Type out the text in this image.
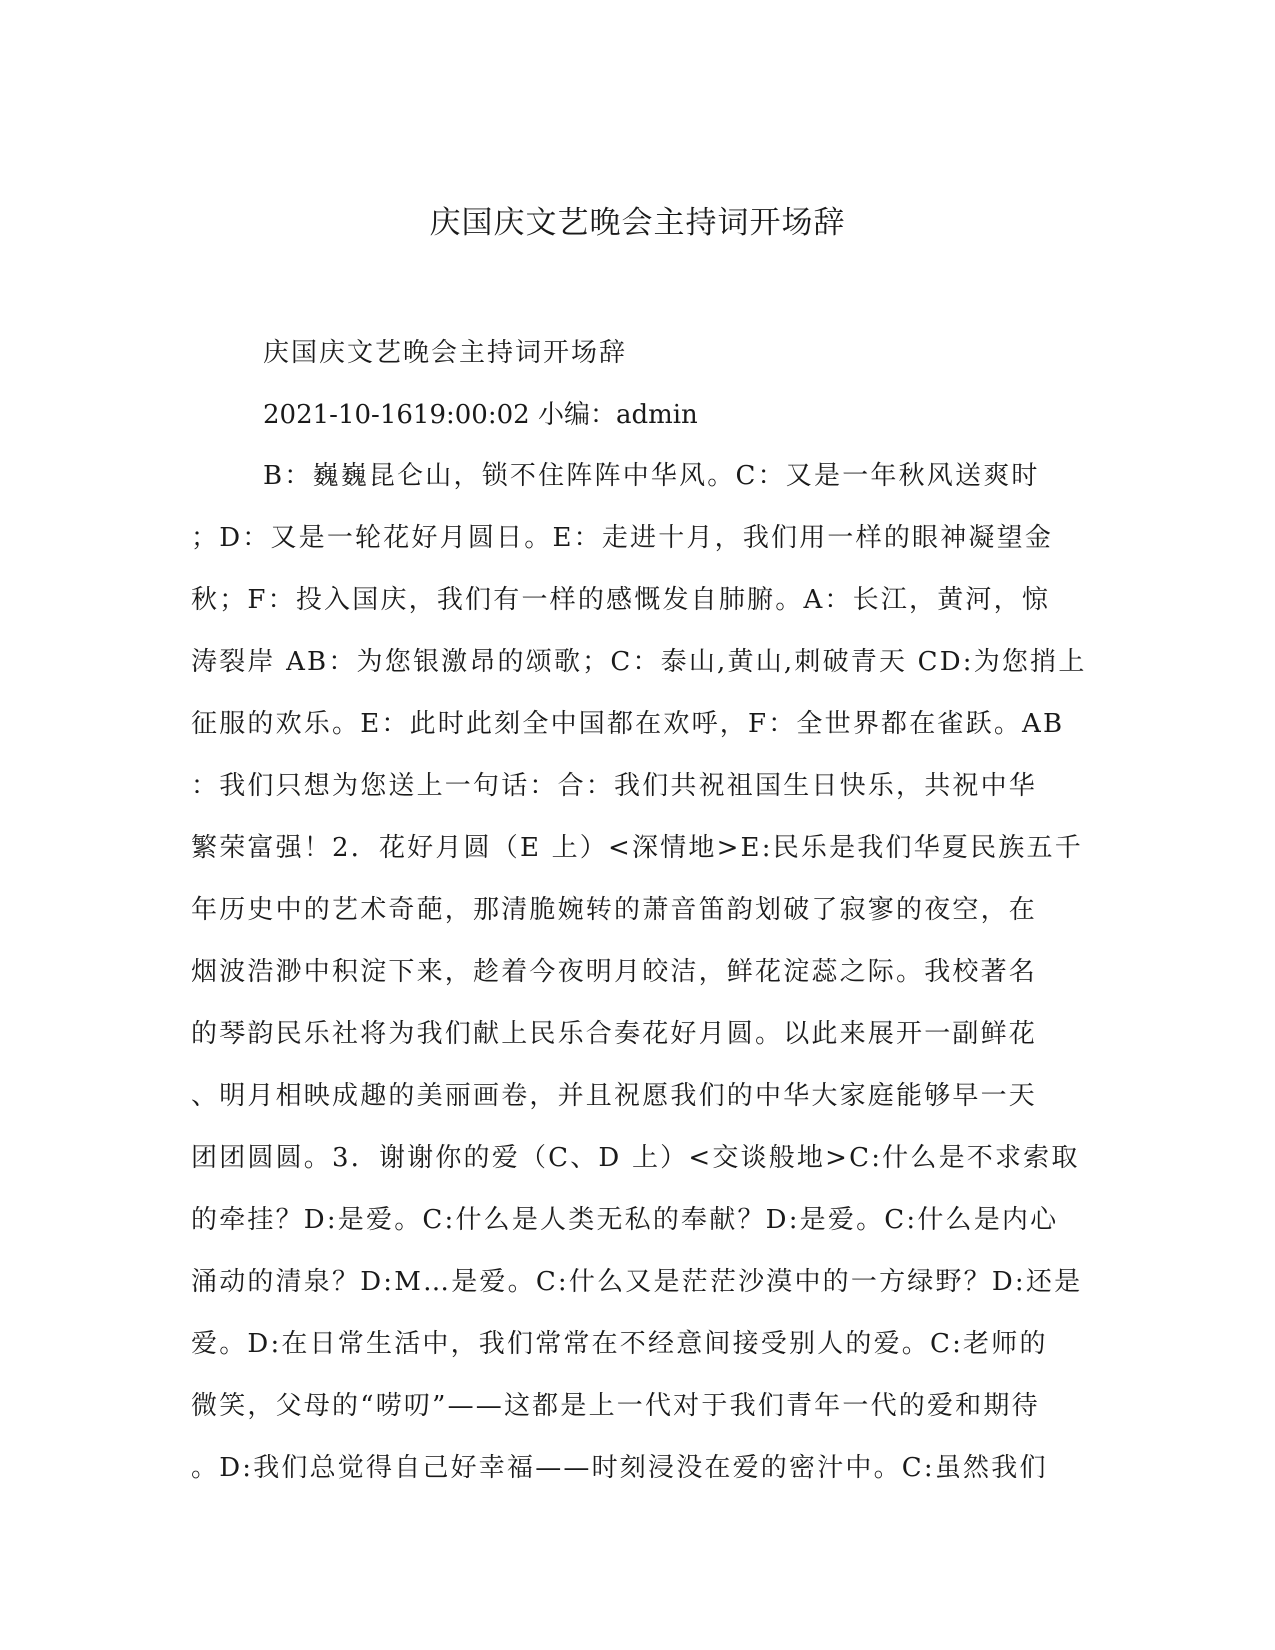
庆国庆文艺晚会主持词开场辞

庆国庆文艺晚会主持词开场辞

2021-10-1619:00:02 小编：admin

B：巍巍昆仑山，锁不住阵阵中华风。C：又是一年秋风送爽时
；D：又是一轮花好月圆日。E：走进十月，我们用一样的眼神凝望金
秋；F：投入国庆，我们有一样的感慨发自肺腑。A：长江，黄河，惊
涛裂岸 AB：为您银激昂的颂歌；C：泰山,黄山,刺破青天 CD:为您捎上
征服的欢乐。E：此时此刻全中国都在欢呼，F：全世界都在雀跃。AB
：我们只想为您送上一句话：合：我们共祝祖国生日快乐，共祝中华
繁荣富强！2．花好月圆（E 上）<深情地>E:民乐是我们华夏民族五千
年历史中的艺术奇葩，那清脆婉转的萧音笛韵划破了寂寥的夜空，在
烟波浩渺中积淀下来，趁着今夜明月皎洁，鲜花淀蕊之际。我校著名
的琴韵民乐社将为我们献上民乐合奏花好月圆。以此来展开一副鲜花
、明月相映成趣的美丽画卷，并且祝愿我们的中华大家庭能够早一天
团团圆圆。3．谢谢你的爱（C、D 上）<交谈般地>C:什么是不求索取
的牵挂？D:是爱。C:什么是人类无私的奉献？D:是爱。C:什么是内心
涌动的清泉？D:M…是爱。C:什么又是茫茫沙漠中的一方绿野？D:还是
爱。D:在日常生活中，我们常常在不经意间接受别人的爱。C:老师的
微笑，父母的“唠叨”——这都是上一代对于我们青年一代的爱和期待
。D:我们总觉得自己好幸福——时刻浸没在爱的密汁中。C:虽然我们
